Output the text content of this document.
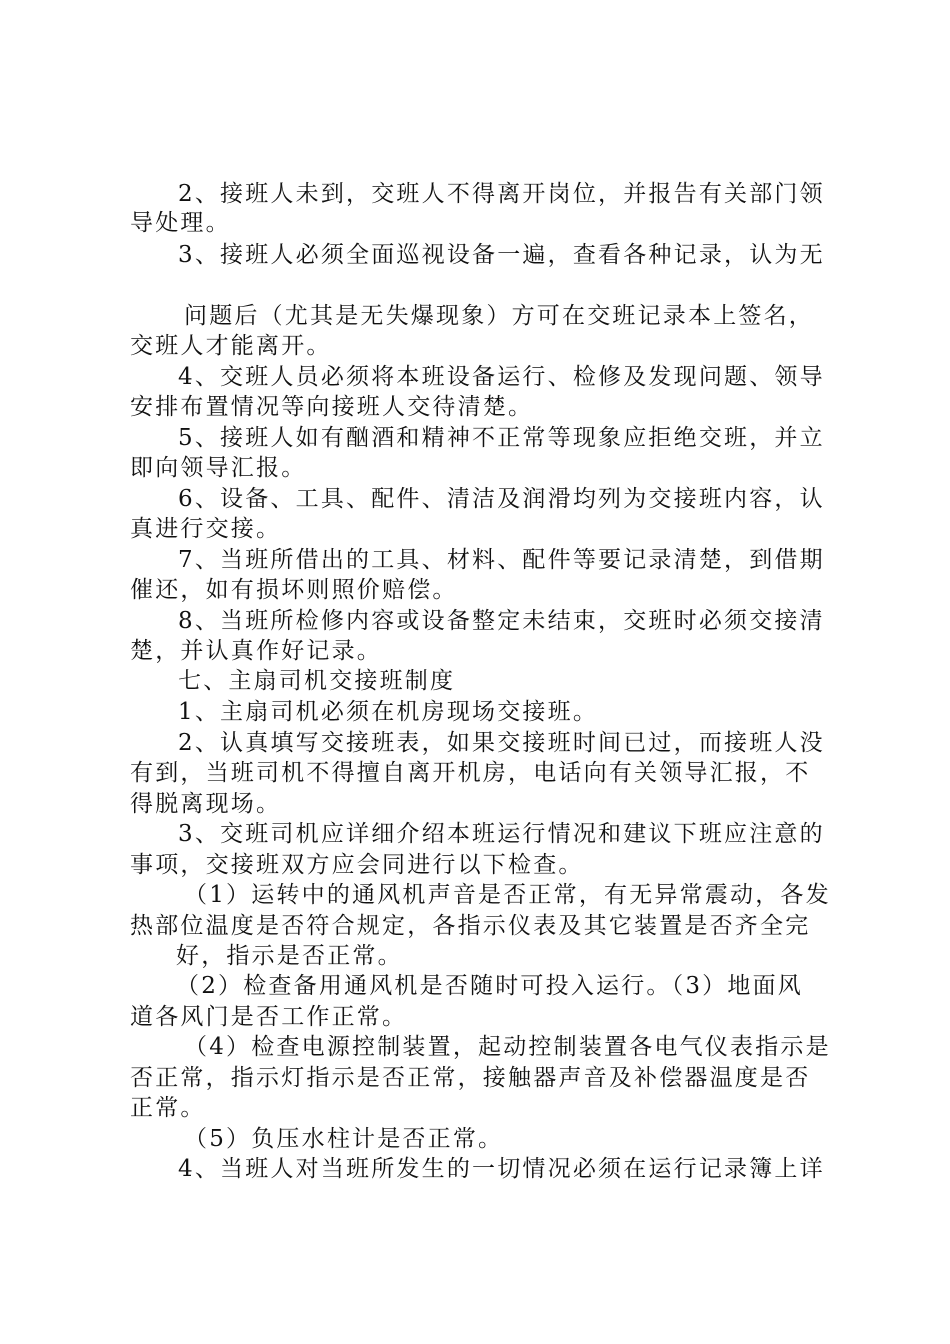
2、接班人未到，交班人不得离开岗位，并报告有关部门领
导处理。
3、接班人必须全面巡视设备一遍，查看各种记录，认为无
问题后（尤其是无失爆现象）方可在交班记录本上签名，
交班人才能离开。
4、交班人员必须将本班设备运行、检修及发现问题、领导
安排布置情况等向接班人交待清楚。
5、接班人如有酗酒和精神不正常等现象应拒绝交班，并立
即向领导汇报。
6、设备、工具、配件、清洁及润滑均列为交接班内容，认
真进行交接。
7、当班所借出的工具、材料、配件等要记录清楚，到借期
催还，如有损坏则照价赔偿。
8、当班所检修内容或设备整定未结束，交班时必须交接清
楚，并认真作好记录。
七、主扇司机交接班制度
1、主扇司机必须在机房现场交接班。
2、认真填写交接班表，如果交接班时间已过，而接班人没
有到，当班司机不得擅自离开机房，电话向有关领导汇报，不
得脱离现场。
3、交班司机应详细介绍本班运行情况和建议下班应注意的
事项，交接班双方应会同进行以下检查。
（1）运转中的通风机声音是否正常，有无异常震动，各发
热部位温度是否符合规定，各指示仪表及其它装置是否齐全完
好，指示是否正常。
（2）检查备用通风机是否随时可投入运行。（3）地面风
道各风门是否工作正常。
（4）检查电源控制装置，起动控制装置各电气仪表指示是
否正常，指示灯指示是否正常，接触器声音及补偿器温度是否
正常。
（5）负压水柱计是否正常。
4、当班人对当班所发生的一切情况必须在运行记录簿上详
